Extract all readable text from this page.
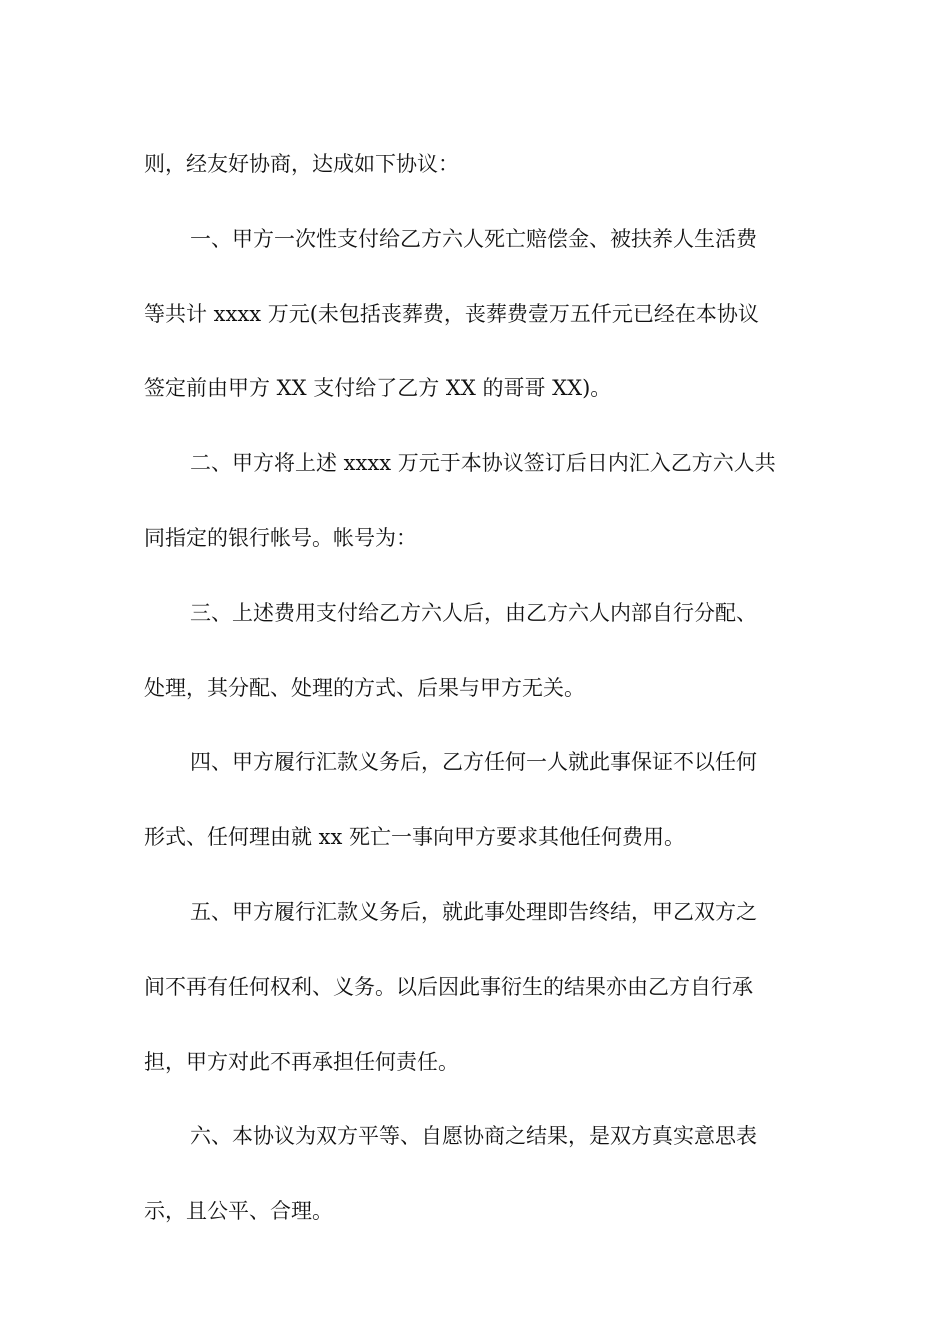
则，经友好协商，达成如下协议：
一、甲方一次性支付给乙方六人死亡赔偿金、被扶养人生活费
等共计 xxxx 万元(未包括丧葬费，丧葬费壹万五仟元已经在本协议
签定前由甲方 XX 支付给了乙方 XX 的哥哥 XX)。
二、甲方将上述 xxxx 万元于本协议签订后日内汇入乙方六人共
同指定的银行帐号。帐号为：
三、上述费用支付给乙方六人后，由乙方六人内部自行分配、
处理，其分配、处理的方式、后果与甲方无关。
四、甲方履行汇款义务后，乙方任何一人就此事保证不以任何
形式、任何理由就 xx 死亡一事向甲方要求其他任何费用。
五、甲方履行汇款义务后，就此事处理即告终结，甲乙双方之
间不再有任何权利、义务。以后因此事衍生的结果亦由乙方自行承
担，甲方对此不再承担任何责任。
六、本协议为双方平等、自愿协商之结果，是双方真实意思表
示，且公平、合理。
